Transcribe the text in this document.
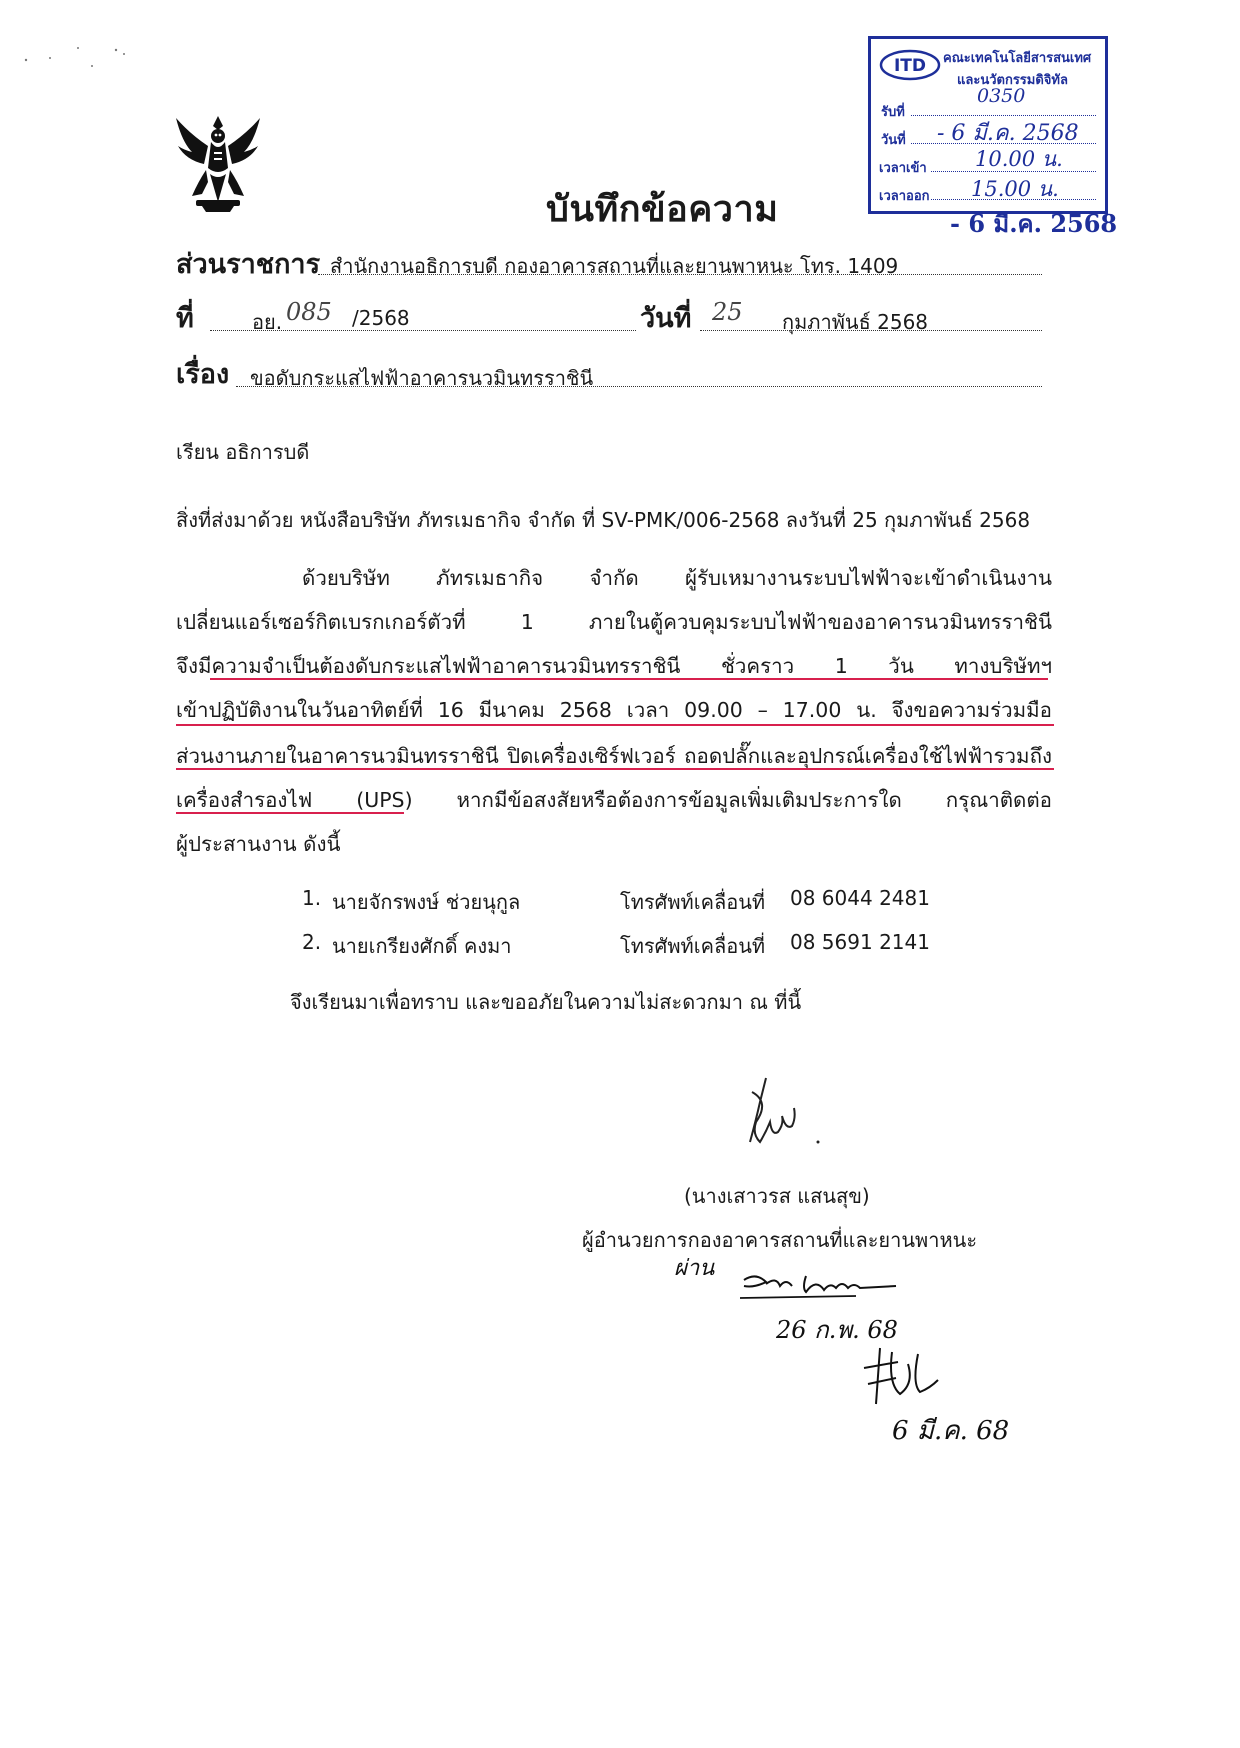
ITD คณะเทคโนโลยีสารสนเทศ
และนวัตกรรมดิจิทัล
รับที่
0350
วันที่ - 6 มี.ค. 2568
เวลาเข้า 10.00 น.
เวลาออก 15.00 น.
- 6 มี.ค. 2568
บันทึกข้อความ
ส่วนราชการ สำนักงานอธิการบดี กองอาคารสถานที่และยานพาหนะ โทร. 1409
ที่	อย. 085 /2568	วันที่ 25 กุมภาพันธ์ 2568
เรื่อง ขอดับกระแสไฟฟ้าอาคารนวมินทรราชินี
เรียน อธิการบดี
สิ่งที่ส่งมาด้วย หนังสือบริษัท ภัทรเมธากิจ จำกัด ที่ SV-PMK/006-2568 ลงวันที่ 25 กุมภาพันธ์ 2568
ด้วยบริษัท ภัทรเมธากิจ จำกัด ผู้รับเหมางานระบบไฟฟ้าจะเข้าดำเนินงาน
เปลี่ยนแอร์เซอร์กิตเบรกเกอร์ตัวที่ 1 ภายในตู้ควบคุมระบบไฟฟ้าของอาคารนวมินทรราชินี
จึงมีความจำเป็นต้องดับกระแสไฟฟ้าอาคารนวมินทรราชินี ชั่วคราว 1 วัน ทางบริษัทฯ
เข้าปฏิบัติงานในวันอาทิตย์ที่ 16 มีนาคม 2568 เวลา 09.00 – 17.00 น. จึงขอความร่วมมือ
ส่วนงานภายในอาคารนวมินทรราชินี ปิดเครื่องเซิร์ฟเวอร์ ถอดปลั๊กและอุปกรณ์เครื่องใช้ไฟฟ้ารวมถึง
เครื่องสำรองไฟ (UPS) หากมีข้อสงสัยหรือต้องการข้อมูลเพิ่มเติมประการใด กรุณาติดต่อ
ผู้ประสานงาน ดังนี้
1. นายจักรพงษ์ ช่วยนุกูล	โทรศัพท์เคลื่อนที่ 08 6044 2481
2. นายเกรียงศักดิ์ คงมา	โทรศัพท์เคลื่อนที่ 08 5691 2141
จึงเรียนมาเพื่อทราบ และขออภัยในความไม่สะดวกมา ณ ที่นี้
(นางเสาวรส แสนสุข)
ผู้อำนวยการกองอาคารสถานที่และยานพาหนะ
ผ่าน
26 ก.พ. 68
6 มี.ค. 68
